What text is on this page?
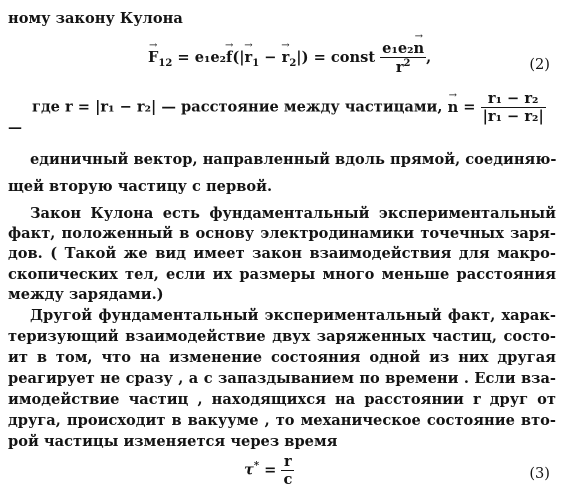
ному закону Кулона
→ $F_{12} = e_1e_2\to f(|\to r_1$ − → $r_2|$) = const $\frac{\text{e₁e₂→ n}}{r^2}$ ,	(2)
где r = |r₁ − r₂| — расстояние между частицами, → $n = \frac{\text{r₁ − r₂}}{\text{|r₁ − r₂|}}$
—
единичный вектор, направленный вдоль прямой, соединяю-
щей вторую частицу с первой.
Закон Кулона есть фундаментальный экспериментальный
факт, положенный в основу электродинамики точечных заря-
дов. ( Такой же вид имеет закон взаимодействия для макро-
скопических тел, если их размеры много меньше расстояния
между зарядами.)
Другой фундаментальный экспериментальный факт, харак-
теризующий взаимодействие двух заряженных частиц, состо-
ит в том, что на изменение состояния одной из них другая
реагирует не сразу , а с запаздыванием по времени . Если вза-
имодействие частиц , находящихся на расстоянии r друг от
друга, происходит в вакууме , то механическое состояние вто-
рой частицы изменяется через время
$\tau^* = \frac{r}{c}$	(3)
